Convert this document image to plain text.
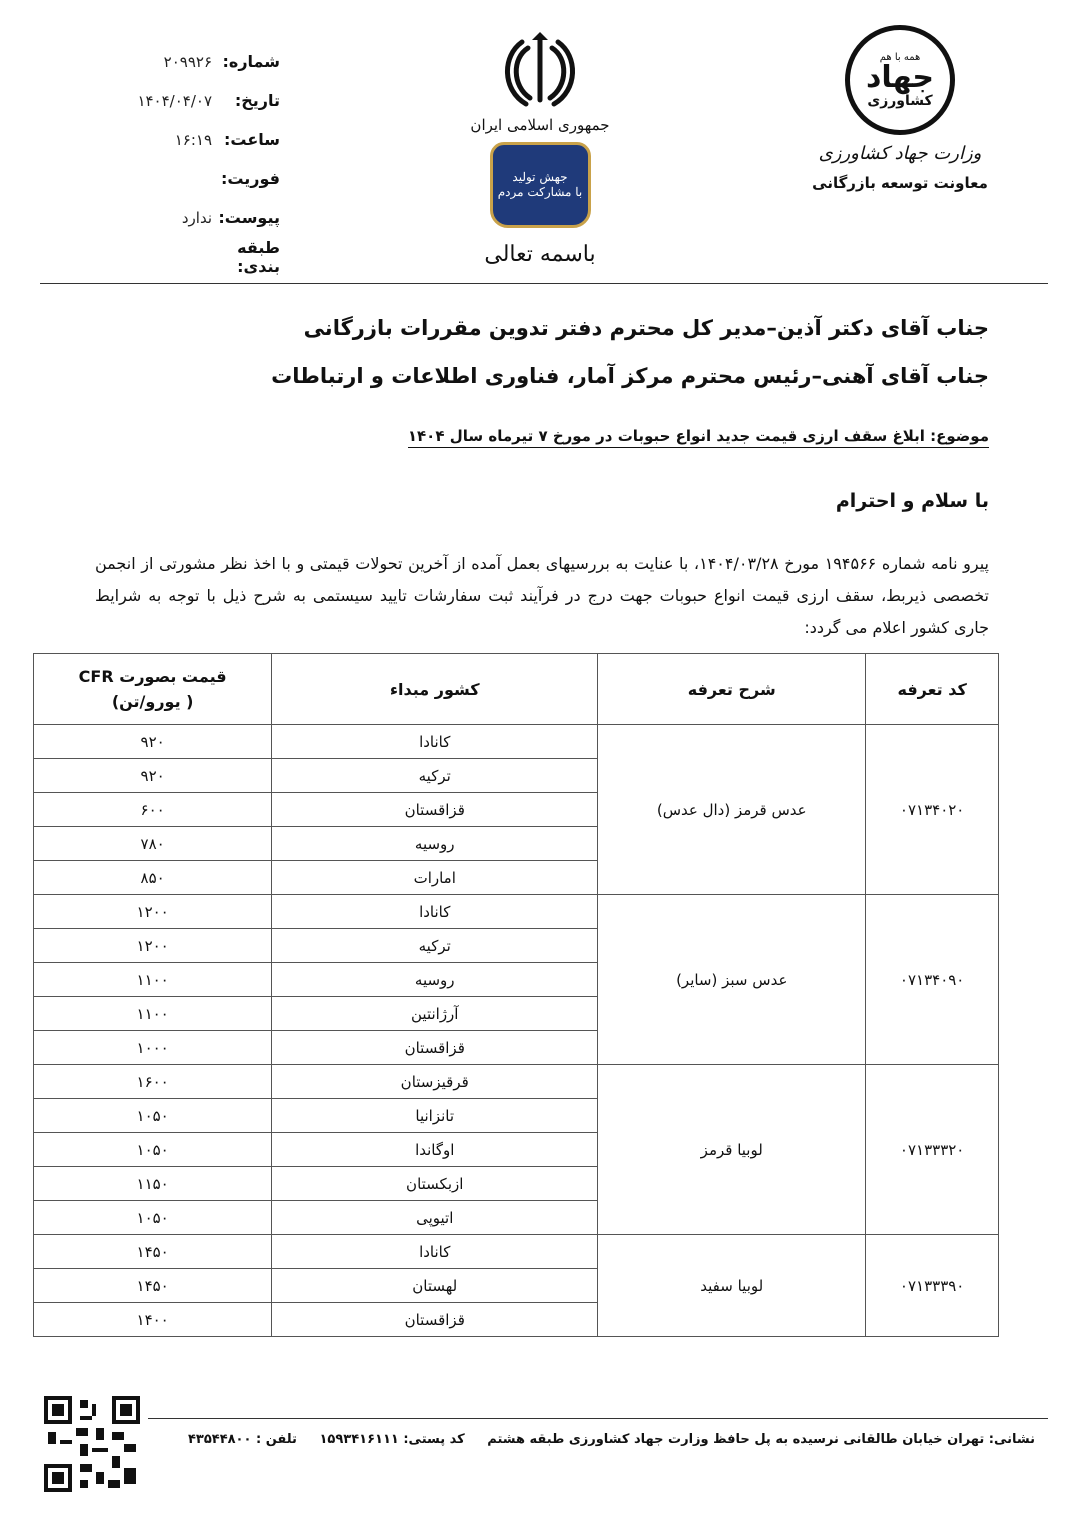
شماره:
۲۰۹۹۲۶
تاریخ:
۱۴۰۴/۰۴/۰۷
ساعت:
۱۶:۱۹
فوریت:
پیوست:
ندارد
طبقه بندی:
جمهوری اسلامی ایران
جهش تولید
با مشارکت مردم
باسمه تعالی
همه با هم
جهاد
کشاورزی
وزارت جهاد کشاورزی
معاونت توسعه بازرگانی
جناب آقای دکتر آذین–مدیر کل محترم دفتر تدوین مقررات بازرگانی
جناب آقای آهنی–رئیس محترم مرکز آمار، فناوری اطلاعات و ارتباطات
موضوع: ابلاغ سقف ارزی قیمت جدید انواع حبوبات در مورخ ۷ تیرماه سال ۱۴۰۴
با سلام و احترام
پیرو نامه شماره ۱۹۴۵۶۶ مورخ ۱۴۰۴/۰۳/۲۸، با عنایت به بررسیهای بعمل آمده از آخرین تحولات قیمتی و با اخذ نظر مشورتی از انجمن تخصصی ذیربط، سقف ارزی قیمت انواع حبوبات جهت درج در فرآیند ثبت سفارشات تایید سیستمی به شرح ذیل با توجه به شرایط جاری کشور اعلام می گردد:
کد تعرفه	شرح تعرفه	کشور مبداء	قیمت بصورت CFR
( یورو/تن)

۰۷۱۳۴۰۲۰	عدس قرمز (دال عدس)	کانادا	۹۲۰
		ترکیه	۹۲۰
		قزاقستان	۶۰۰
		روسیه	۷۸۰
		امارات	۸۵۰
۰۷۱۳۴۰۹۰	عدس سبز (سایر)	کانادا	۱۲۰۰
		ترکیه	۱۲۰۰
		روسیه	۱۱۰۰
		آرژانتین	۱۱۰۰
		قزاقستان	۱۰۰۰
۰۷۱۳۳۳۲۰	لوبیا قرمز	قرقیزستان	۱۶۰۰
		تانزانیا	۱۰۵۰
		اوگاندا	۱۰۵۰
		ازبکستان	۱۱۵۰
		اتیوپی	۱۰۵۰
۰۷۱۳۳۳۹۰	لوبیا سفید	کانادا	۱۴۵۰
		لهستان	۱۴۵۰
		قزاقستان	۱۴۰۰
نشانی: تهران خیابان طالقانی نرسیده به پل حافظ وزارت جهاد کشاورزی طبقه هشتم کد پستی: ۱۵۹۳۴۱۶۱۱۱ تلفن : ۴۳۵۴۴۸۰۰
